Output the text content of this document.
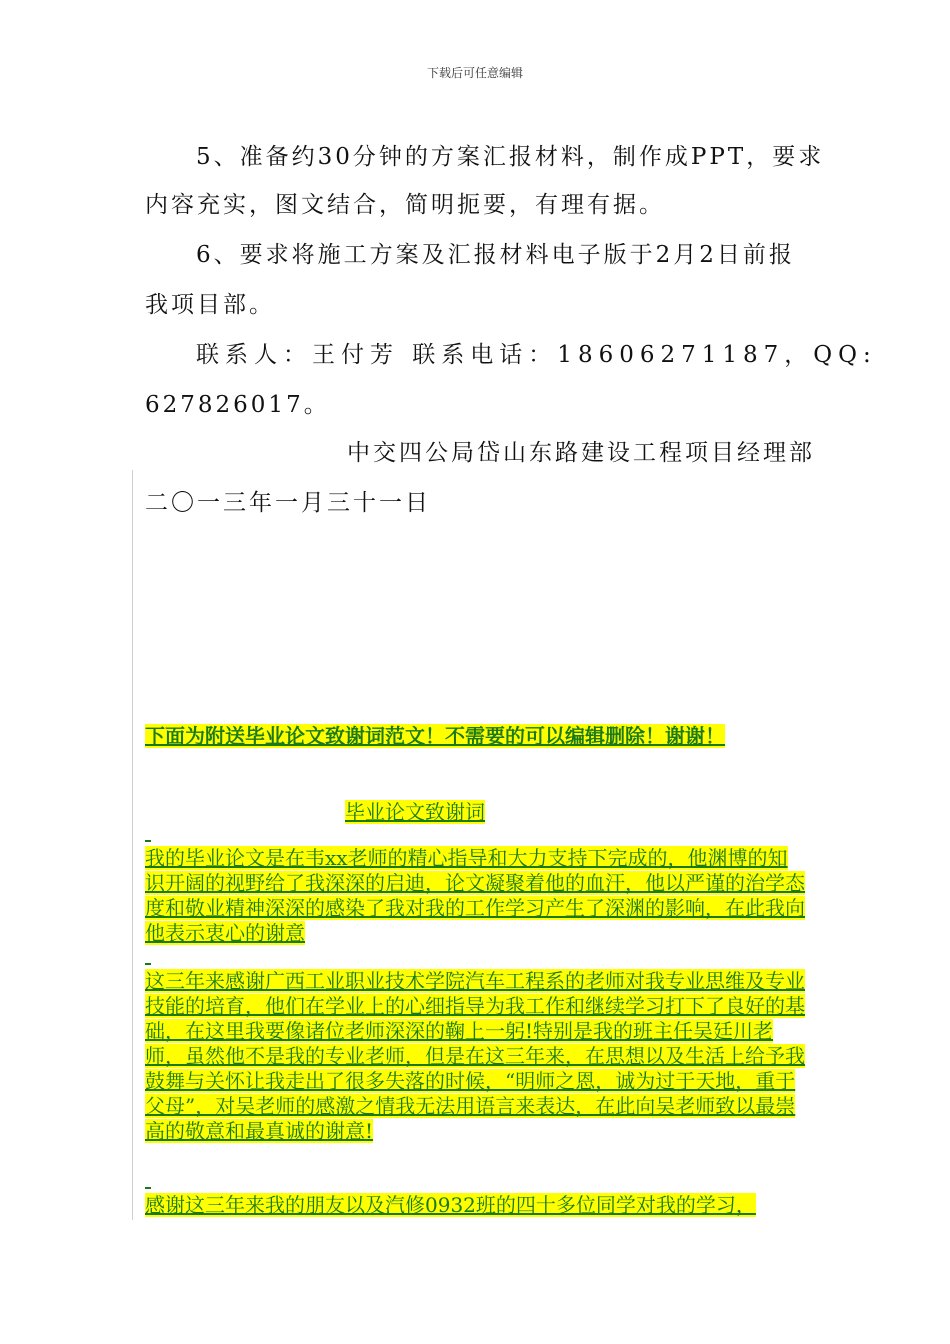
下载后可任意编辑
5、准备约30分钟的方案汇报材料，制作成PPT，要求
内容充实，图文结合，简明扼要，有理有据。
6、要求将施工方案及汇报材料电子版于2月2日前报
我项目部。
联系人：王付芳 联系电话：18606271187，QQ:
627826017。
中交四公局岱山东路建设工程项目经理部
二〇一三年一月三十一日
下面为附送毕业论文致谢词范文！不需要的可以编辑删除！谢谢！
毕业论文致谢词
我的毕业论文是在韦xx老师的精心指导和大力支持下完成的，他渊博的知识开阔的视野给了我深深的启迪，论文凝聚着他的血汗，他以严谨的治学态度和敬业精神深深的感染了我对我的工作学习产生了深渊的影响，在此我向他表示衷心的谢意
这三年来感谢广西工业职业技术学院汽车工程系的老师对我专业思维及专业技能的培育，他们在学业上的心细指导为我工作和继续学习打下了良好的基础，在这里我要像诸位老师深深的鞠上一躬!特别是我的班主任吴廷川老师，虽然他不是我的专业老师，但是在这三年来，在思想以及生活上给予我鼓舞与关怀让我走出了很多失落的时候，“明师之恩，诚为过于天地，重于父母”，对吴老师的感激之情我无法用语言来表达，在此向吴老师致以最崇高的敬意和最真诚的谢意!
感谢这三年来我的朋友以及汽修0932班的四十多位同学对我的学习，
